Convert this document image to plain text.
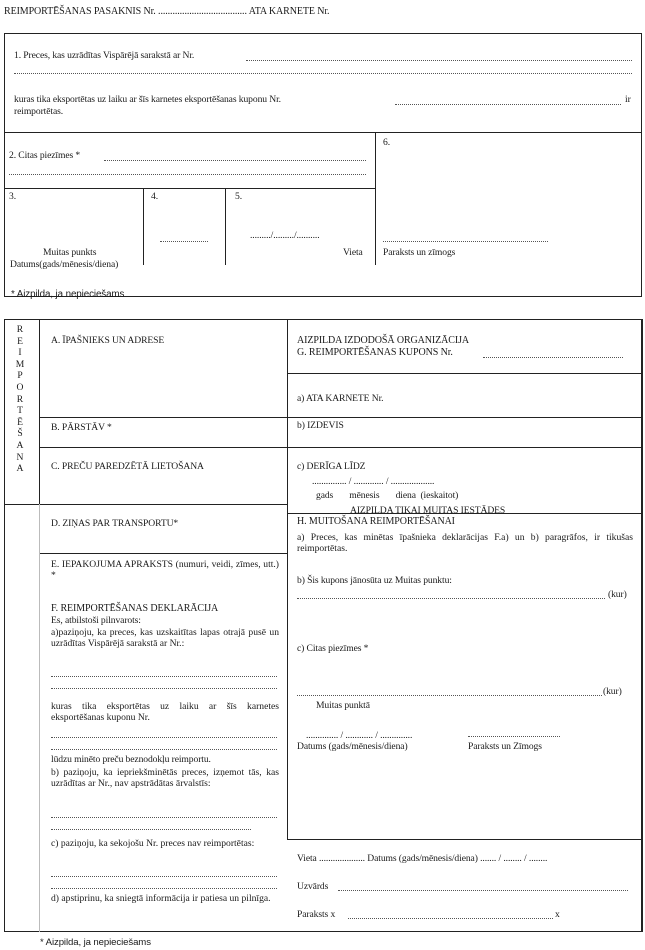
REIMPORTĒŠANAS PASAKNIS Nr. ..................................... ATA KARNETE Nr.
1. Preces, kas uzrādītas Vispārējā sarakstā ar Nr.
kuras tika eksportētas uz laiku ar šīs karnetes eksportēšanas kuponu Nr.	ir
reimportētas.
2. Citas piezīmes *
6.
Paraksts un zīmogs
3.	4.	5.
Muitas punkts
Datums(gads/mēnesis/diena)
........./........./..........
Vieta
* Aizpilda, ja nepieciešams
R
E
I
M
P
O
R
T
Ē
Š
A
N
A
A. ĪPAŠNIEKS UN ADRESE
B. PĀRSTĀV *
C. PREČU PAREDZĒTĀ LIETOŠANA
D. ZIŅAS PAR TRANSPORTU*
E. IEPAKOJUMA APRAKSTS (numuri, veidi, zīmes, utt.) *
F. REIMPORTĒŠANAS DEKLARĀCIJA
Es, atbilstoši pilnvarots:
a)paziņoju, ka preces, kas uzskaitītas lapas otrajā pusē un uzrādītas Vispārējā sarakstā ar Nr.:
kuras tika eksportētas uz laiku ar šīs karnetes eksportēšanas kuponu Nr.
lūdzu minēto preču beznodokļu reimportu.
b) paziņoju, ka iepriekšminētās preces, izņemot tās, kas uzrādītas ar Nr., nav apstrādātas ārvalstīs:
c) paziņoju, ka sekojošu Nr. preces nav reimportētas:
d) apstiprinu, ka sniegtā informācija ir patiesa un pilnīga.
AIZPILDA IZDODOŠĀ ORGANIZĀCIJA
G. REIMPORTĒŠANAS KUPONS Nr.
a) ATA KARNETE Nr.
b) IZDEVIS
c) DERĪGA LĪDZ
............... / ............. / ...................
gads       mēnesis       diena  (ieskaitot)
AIZPILDA TIKAI MUITAS IESTĀDES
H. MUITOŠANA REIMPORTĒŠANAI
a) Preces, kas minētas īpašnieka deklarācijas F.a) un b) paragrāfos, ir tikušas reimportētas.
b) Šis kupons jānosūta uz Muitas punktu:
(kur)
c) Citas piezīmes *
(kur)
Muitas punktā
.............. / ............ / ..............
Datums (gads/mēnesis/diena)	Paraksts un Zīmogs
Vieta .................... Datums (gads/mēnesis/diena) ....... / ........ / ........
Uzvārds
Paraksts x	x
* Aizpilda, ja nepieciešams
